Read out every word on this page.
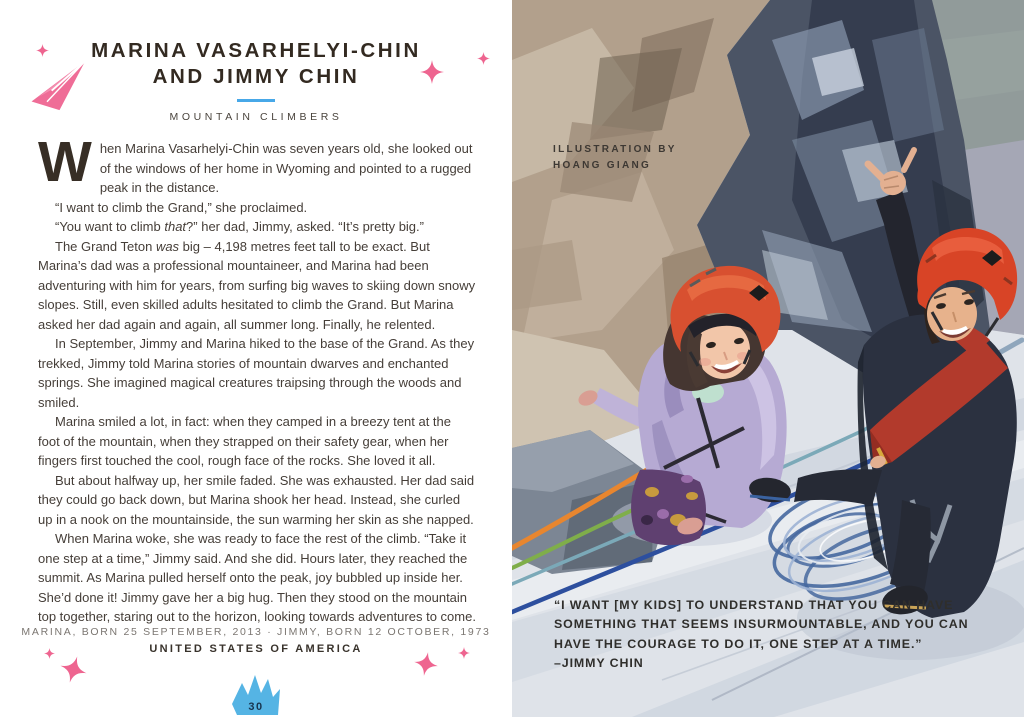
MARINA VASARHELYI-CHIN
AND JIMMY CHIN
MOUNTAIN CLIMBERS

When Marina Vasarhelyi-Chin was seven years old, she looked out of the windows of her home in Wyoming and pointed to a rugged peak in the distance.

“I want to climb the Grand,” she proclaimed.

“You want to climb that?” her dad, Jimmy, asked. “It’s pretty big.”

The Grand Teton was big – 4,198 metres feet tall to be exact. But Marina’s dad was a professional mountaineer, and Marina had been adventuring with him for years, from surfing big waves to skiing down snowy slopes. Still, even skilled adults hesitated to climb the Grand. But Marina asked her dad again and again, all summer long. Finally, he relented.

In September, Jimmy and Marina hiked to the base of the Grand. As they trekked, Jimmy told Marina stories of mountain dwarves and enchanted springs. She imagined magical creatures traipsing through the woods and smiled.

Marina smiled a lot, in fact: when they camped in a breezy tent at the foot of the mountain, when they strapped on their safety gear, when her fingers first touched the cool, rough face of the rocks. She loved it all.

But about halfway up, her smile faded. She was exhausted. Her dad said they could go back down, but Marina shook her head. Instead, she curled up in a nook on the mountainside, the sun warming her skin as she napped.

When Marina woke, she was ready to face the rest of the climb. “Take it one step at a time,” Jimmy said. And she did. Hours later, they reached the summit. As Marina pulled herself onto the peak, joy bubbled up inside her. She’d done it! Jimmy gave her a big hug. Then they stood on the mountain top together, staring out to the horizon, looking towards adventures to come.

MARINA, BORN 25 SEPTEMBER, 2013 · JIMMY, BORN 12 OCTOBER, 1973
UNITED STATES OF AMERICA
30
ILLUSTRATION BY
HOANG GIANG
“I WANT [MY KIDS] TO UNDERSTAND THAT YOU CAN HAVE
SOMETHING THAT SEEMS INSURMOUNTABLE, AND YOU CAN
HAVE THE COURAGE TO DO IT, ONE STEP AT A TIME.”
–JIMMY CHIN
